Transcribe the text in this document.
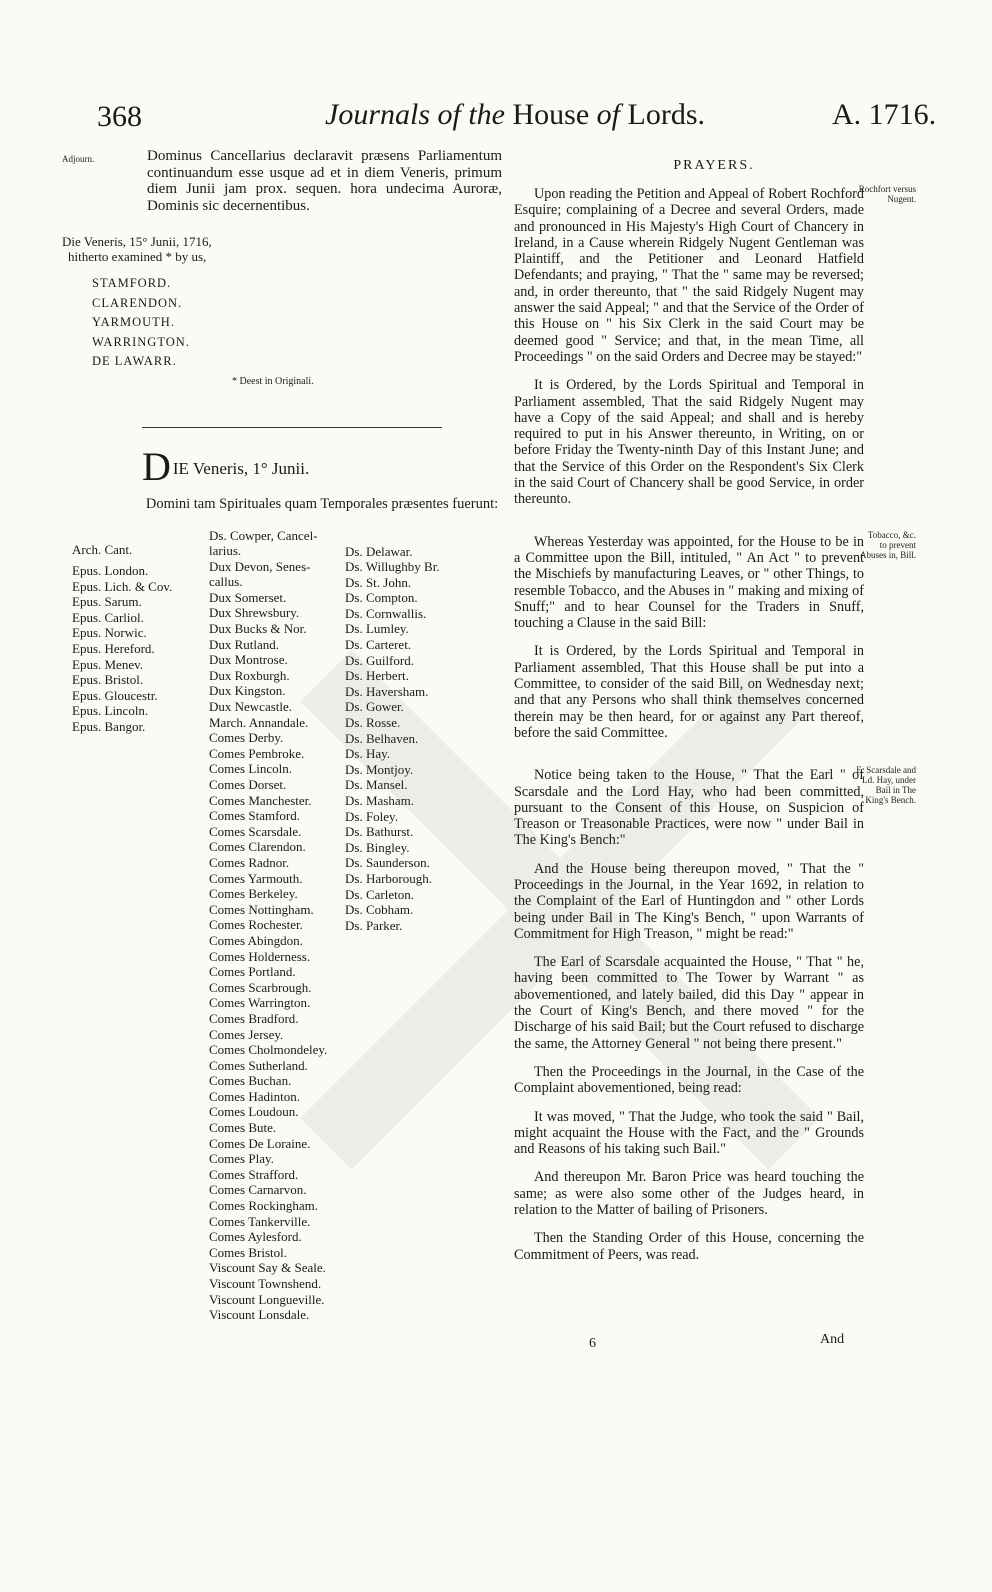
368	Journals of the House of Lords.	A. 1716.
Adjourn.	Dominus Cancellarius declaravit præsens Parliamentum continuandum esse usque ad et in diem Veneris, primum diem Junii jam prox. sequen. hora undecima Auroræ, Dominis sic decernentibus.

Die Veneris, 15° Junii, 1716,
hitherto examined * by us,
STAMFORD.
CLARENDON.
YARMOUTH.
WARRINGTON.
DE LAWARR.
* Deest in Originali.
DIE Veneris, 1° Junii.
Domini tam Spirituales quam Temporales præsentes fuerunt:
Arch. Cant.
Epus. London.
Epus. Lich. & Cov.
Epus. Sarum.
Epus. Carliol.
Epus. Norwic.
Epus. Hereford.
Epus. Menev.
Epus. Bristol.
Epus. Gloucestr.
Epus. Lincoln.
Epus. Bangor.
Ds. Cowper, Cancel-
larius.
Dux Devon, Senes-
callus.
Dux Somerset.
Dux Shrewsbury.
Dux Bucks & Nor.
Dux Rutland.
Dux Montrose.
Dux Roxburgh.
Dux Kingston.
Dux Newcastle.
March. Annandale.
Comes Derby.
Comes Pembroke.
Comes Lincoln.
Comes Dorset.
Comes Manchester.
Comes Stamford.
Comes Scarsdale.
Comes Clarendon.
Comes Radnor.
Comes Yarmouth.
Comes Berkeley.
Comes Nottingham.
Comes Rochester.
Comes Abingdon.
Comes Holderness.
Comes Portland.
Comes Scarbrough.
Comes Warrington.
Comes Bradford.
Comes Jersey.
Comes Cholmondeley.
Comes Sutherland.
Comes Buchan.
Comes Hadinton.
Comes Loudoun.
Comes Bute.
Comes De Loraine.
Comes Play.
Comes Strafford.
Comes Carnarvon.
Comes Rockingham.
Comes Tankerville.
Comes Aylesford.
Comes Bristol.
Viscount Say & Seale.
Viscount Townshend.
Viscount Longueville.
Viscount Lonsdale.
Ds. Delawar.
Ds. Willughby Br.
Ds. St. John.
Ds. Compton.
Ds. Cornwallis.
Ds. Lumley.
Ds. Carteret.
Ds. Guilford.
Ds. Herbert.
Ds. Haversham.
Ds. Gower.
Ds. Rosse.
Ds. Belhaven.
Ds. Hay.
Ds. Montjoy.
Ds. Mansel.
Ds. Masham.
Ds. Foley.
Ds. Bathurst.
Ds. Bingley.
Ds. Saunderson.
Ds. Harborough.
Ds. Carleton.
Ds. Cobham.
Ds. Parker.
PRAYERS.
Rochfort versus Nugent.

Upon reading the Petition and Appeal of Robert Rochford Esquire; complaining of a Decree and several Orders, made and pronounced in His Majesty's High Court of Chancery in Ireland, in a Cause wherein Ridgely Nugent Gentleman was Plaintiff, and the Petitioner and Leonard Hatfield Defendants; and praying, " That the " same may be reversed; and, in order thereunto, that " the said Ridgely Nugent may answer the said Appeal; " and that the Service of the Order of this House on " his Six Clerk in the said Court may be deemed good " Service; and that, in the mean Time, all Proceedings " on the said Orders and Decree may be stayed:"

It is Ordered, by the Lords Spiritual and Temporal in Parliament assembled, That the said Ridgely Nugent may have a Copy of the said Appeal; and shall and is hereby required to put in his Answer thereunto, in Writing, on or before Friday the Twenty-ninth Day of this Instant June; and that the Service of this Order on the Respondent's Six Clerk in the said Court of Chancery shall be good Service, in order thereunto.

Tobacco, &c. to prevent Abuses in, Bill.

Whereas Yesterday was appointed, for the House to be in a Committee upon the Bill, intituled, " An Act " to prevent the Mischiefs by manufacturing Leaves, or " other Things, to resemble Tobacco, and the Abuses in " making and mixing of Snuff;" and to hear Counsel for the Traders in Snuff, touching a Clause in the said Bill:

It is Ordered, by the Lords Spiritual and Temporal in Parliament assembled, That this House shall be put into a Committee, to consider of the said Bill, on Wednesday next; and that any Persons who shall think themselves concerned therein may be then heard, for or against any Part thereof, before the said Committee.

E. Scarsdale and Ld. Hay, under Bail in The King's Bench.

Notice being taken to the House, " That the Earl " of Scarsdale and the Lord Hay, who had been committed, pursuant to the Consent of this House, on Suspicion of Treason or Treasonable Practices, were now " under Bail in The King's Bench:"

And the House being thereupon moved, " That the " Proceedings in the Journal, in the Year 1692, in relation to the Complaint of the Earl of Huntingdon and " other Lords being under Bail in The King's Bench, " upon Warrants of Commitment for High Treason, " might be read:"

The Earl of Scarsdale acquainted the House, " That " he, having been committed to The Tower by Warrant " as abovementioned, and lately bailed, did this Day " appear in the Court of King's Bench, and there moved " for the Discharge of his said Bail; but the Court refused to discharge the same, the Attorney General " not being there present."

Then the Proceedings in the Journal, in the Case of the Complaint abovementioned, being read:

It was moved, " That the Judge, who took the said " Bail, might acquaint the House with the Fact, and the " Grounds and Reasons of his taking such Bail."

And thereupon Mr. Baron Price was heard touching the same; as were also some other of the Judges heard, in relation to the Matter of bailing of Prisoners.

Then the Standing Order of this House, concerning the Commitment of Peers, was read.

6	And
